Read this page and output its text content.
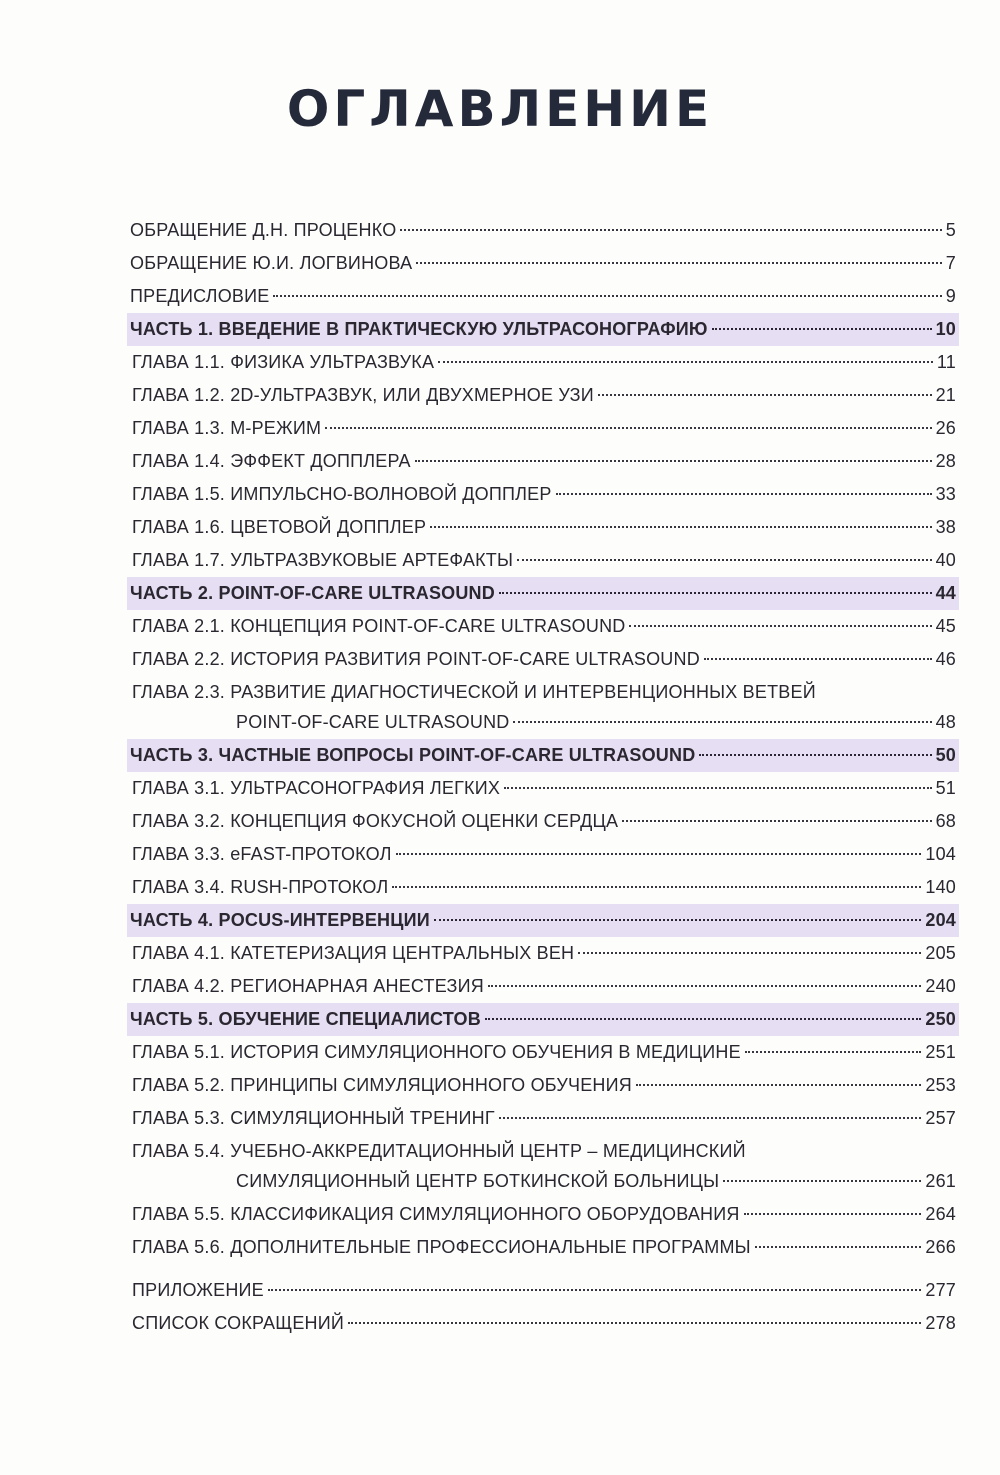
ОГЛАВЛЕНИЕ
ОБРАЩЕНИЕ Д.Н. ПРОЦЕНКО	5
ОБРАЩЕНИЕ Ю.И. ЛОГВИНОВА	7
ПРЕДИСЛОВИЕ	9
ЧАСТЬ 1. ВВЕДЕНИЕ В ПРАКТИЧЕСКУЮ УЛЬТРАСОНОГРАФИЮ	10
ГЛАВА 1.1. ФИЗИКА УЛЬТРАЗВУКА	11
ГЛАВА 1.2. 2D-УЛЬТРАЗВУК, ИЛИ ДВУХМЕРНОЕ УЗИ	21
ГЛАВА 1.3. М-РЕЖИМ	26
ГЛАВА 1.4. ЭФФЕКТ ДОППЛЕРА	28
ГЛАВА 1.5. ИМПУЛЬСНО-ВОЛНОВОЙ ДОППЛЕР	33
ГЛАВА 1.6. ЦВЕТОВОЙ ДОППЛЕР	38
ГЛАВА 1.7. УЛЬТРАЗВУКОВЫЕ АРТЕФАКТЫ	40
ЧАСТЬ 2. POINT-OF-CARE ULTRASOUND	44
ГЛАВА 2.1. КОНЦЕПЦИЯ POINT-OF-CARE ULTRASOUND	45
ГЛАВА 2.2. ИСТОРИЯ РАЗВИТИЯ POINT-OF-CARE ULTRASOUND	46
ГЛАВА 2.3. РАЗВИТИЕ ДИАГНОСТИЧЕСКОЙ И ИНТЕРВЕНЦИОННЫХ ВЕТВЕЙ
POINT-OF-CARE ULTRASOUND	48
ЧАСТЬ 3. ЧАСТНЫЕ ВОПРОСЫ POINT-OF-CARE ULTRASOUND	50
ГЛАВА 3.1. УЛЬТРАСОНОГРАФИЯ ЛЕГКИХ	51
ГЛАВА 3.2. КОНЦЕПЦИЯ ФОКУСНОЙ ОЦЕНКИ СЕРДЦА	68
ГЛАВА 3.3. eFAST-ПРОТОКОЛ	104
ГЛАВА 3.4. RUSH-ПРОТОКОЛ	140
ЧАСТЬ 4. POCUS-ИНТЕРВЕНЦИИ	204
ГЛАВА 4.1. КАТЕТЕРИЗАЦИЯ ЦЕНТРАЛЬНЫХ ВЕН	205
ГЛАВА 4.2. РЕГИОНАРНАЯ АНЕСТЕЗИЯ	240
ЧАСТЬ 5. ОБУЧЕНИЕ СПЕЦИАЛИСТОВ	250
ГЛАВА 5.1. ИСТОРИЯ СИМУЛЯЦИОННОГО ОБУЧЕНИЯ В МЕДИЦИНЕ	251
ГЛАВА 5.2. ПРИНЦИПЫ СИМУЛЯЦИОННОГО ОБУЧЕНИЯ	253
ГЛАВА 5.3. СИМУЛЯЦИОННЫЙ ТРЕНИНГ	257
ГЛАВА 5.4. УЧЕБНО-АККРЕДИТАЦИОННЫЙ ЦЕНТР – МЕДИЦИНСКИЙ
СИМУЛЯЦИОННЫЙ ЦЕНТР БОТКИНСКОЙ БОЛЬНИЦЫ	261
ГЛАВА 5.5. КЛАССИФИКАЦИЯ СИМУЛЯЦИОННОГО ОБОРУДОВАНИЯ	264
ГЛАВА 5.6. ДОПОЛНИТЕЛЬНЫЕ ПРОФЕССИОНАЛЬНЫЕ ПРОГРАММЫ	266
ПРИЛОЖЕНИЕ	277
СПИСОК СОКРАЩЕНИЙ	278
